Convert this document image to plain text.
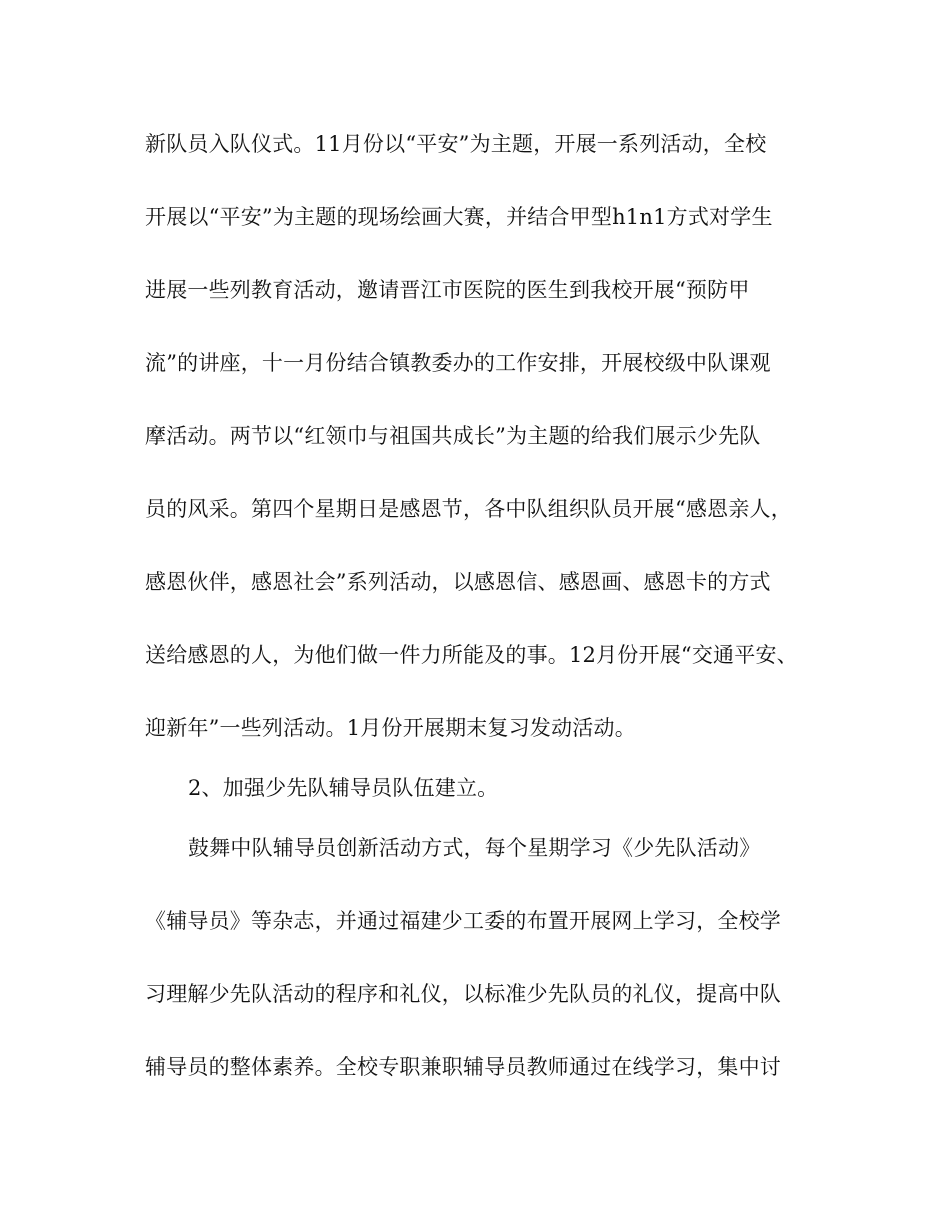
新队员入队仪式。11月份以“平安”为主题，开展一系列活动，全校
开展以“平安”为主题的现场绘画大赛，并结合甲型h1n1方式对学生
进展一些列教育活动，邀请晋江市医院的医生到我校开展“预防甲
流”的讲座，十一月份结合镇教委办的工作安排，开展校级中队课观
摩活动。两节以“红领巾与祖国共成长”为主题的给我们展示少先队
员的风采。第四个星期日是感恩节，各中队组织队员开展“感恩亲人，
感恩伙伴，感恩社会”系列活动，以感恩信、感恩画、感恩卡的方式
送给感恩的人，为他们做一件力所能及的事。12月份开展“交通平安、
迎新年”一些列活动。1月份开展期末复习发动活动。
2、加强少先队辅导员队伍建立。
鼓舞中队辅导员创新活动方式，每个星期学习《少先队活动》
《辅导员》等杂志，并通过福建少工委的布置开展网上学习，全校学
习理解少先队活动的程序和礼仪，以标准少先队员的礼仪，提高中队
辅导员的整体素养。全校专职兼职辅导员教师通过在线学习，集中讨
